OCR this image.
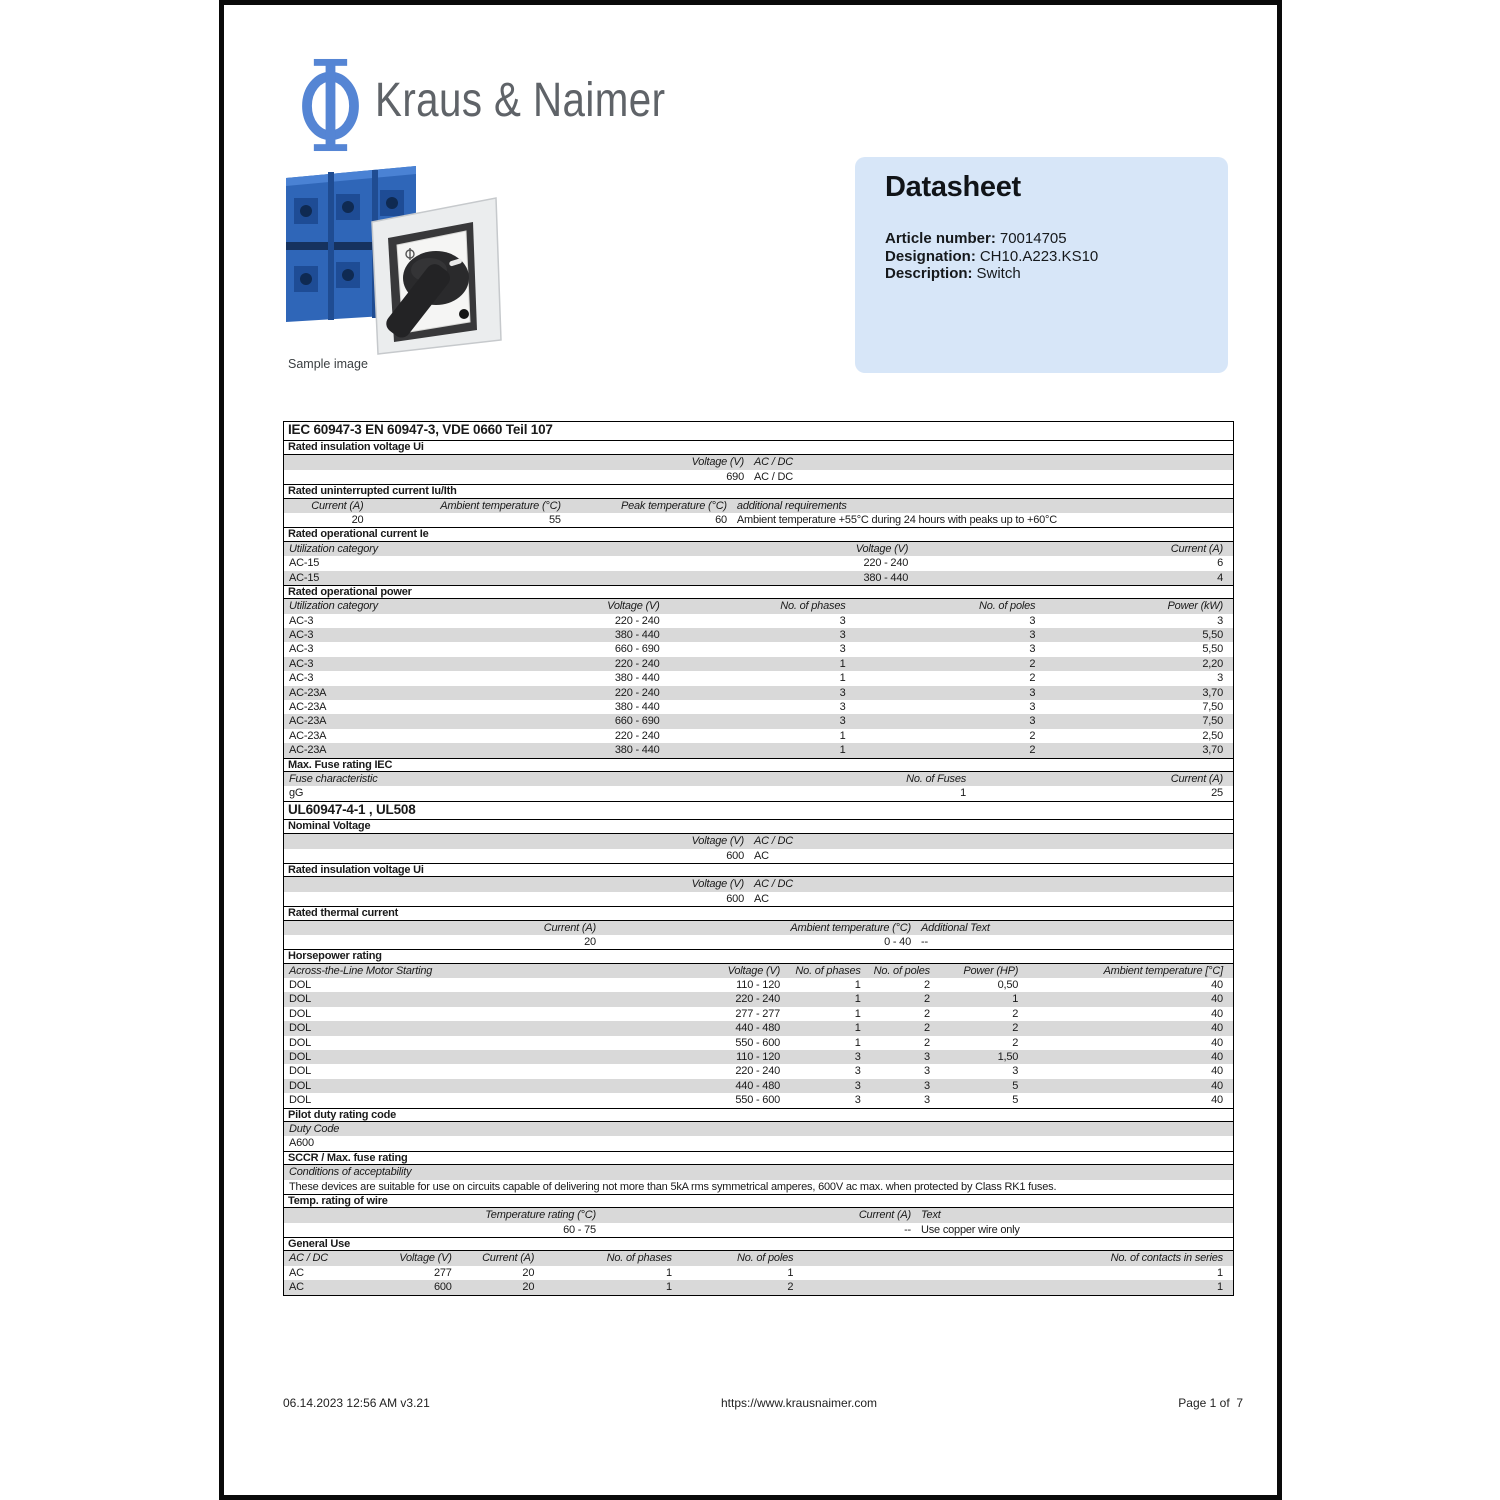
Kraus & Naimer
Sample image
Datasheet
Article number: 70014705
Designation: CH10.A223.KS10
Description: Switch
IEC 60947-3 EN 60947-3, VDE 0660 Teil 107
Rated insulation voltage Ui
Voltage (V) AC / DC
690 AC / DC
Rated uninterrupted current Iu/Ith
Current (A)	Ambient temperature (°C)	Peak temperature (°C) additional requirements
20	55	60 Ambient temperature +55°C during 24 hours with peaks up to +60°C
Rated operational current Ie
Utilization category	Voltage (V)	Current (A)
AC-15	220 - 240	6
AC-15	380 - 440	4
Rated operational power
Utilization category	Voltage (V)	No. of phases	No. of poles	Power (kW)
AC-3	220 - 240	3	3	3
AC-3	380 - 440	3	3	5,50
AC-3	660 - 690	3	3	5,50
AC-3	220 - 240	1	2	2,20
AC-3	380 - 440	1	2	3
AC-23A	220 - 240	3	3	3,70
AC-23A	380 - 440	3	3	7,50
AC-23A	660 - 690	3	3	7,50
AC-23A	220 - 240	1	2	2,50
AC-23A	380 - 440	1	2	3,70
Max. Fuse rating IEC
Fuse characteristic	No. of Fuses	Current (A)
gG	1	25
UL60947-4-1 , UL508
Nominal Voltage
Voltage (V) AC / DC
600 AC
Rated insulation voltage Ui
Voltage (V) AC / DC
600 AC
Rated thermal current
Current (A)	Ambient temperature (°C) Additional Text
20	0 - 40 --
Horsepower rating
Across-the-Line Motor Starting	Voltage (V)	No. of phases	No. of poles	Power (HP)	Ambient temperature [°C]
DOL	110 - 120	1	2	0,50	40
DOL	220 - 240	1	2	1	40
DOL	277 - 277	1	2	2	40
DOL	440 - 480	1	2	2	40
DOL	550 - 600	1	2	2	40
DOL	110 - 120	3	3	1,50	40
DOL	220 - 240	3	3	3	40
DOL	440 - 480	3	3	5	40
DOL	550 - 600	3	3	5	40
Pilot duty rating code
Duty Code
A600
SCCR / Max. fuse rating
Conditions of acceptability
These devices are suitable for use on circuits capable of delivering not more than 5kA rms symmetrical amperes, 600V ac max. when protected by Class RK1 fuses.
Temp. rating of wire
Temperature rating (°C)	Current (A) Text
60 - 75	-- Use copper wire only
General Use
AC / DC	Voltage (V)	Current (A)	No. of phases	No. of poles	No. of contacts in series
AC	277	20	1	1	1
AC	600	20	1	2	1
06.14.2023 12:56 AM v3.21	https://www.krausnaimer.com	Page 1 of  7
